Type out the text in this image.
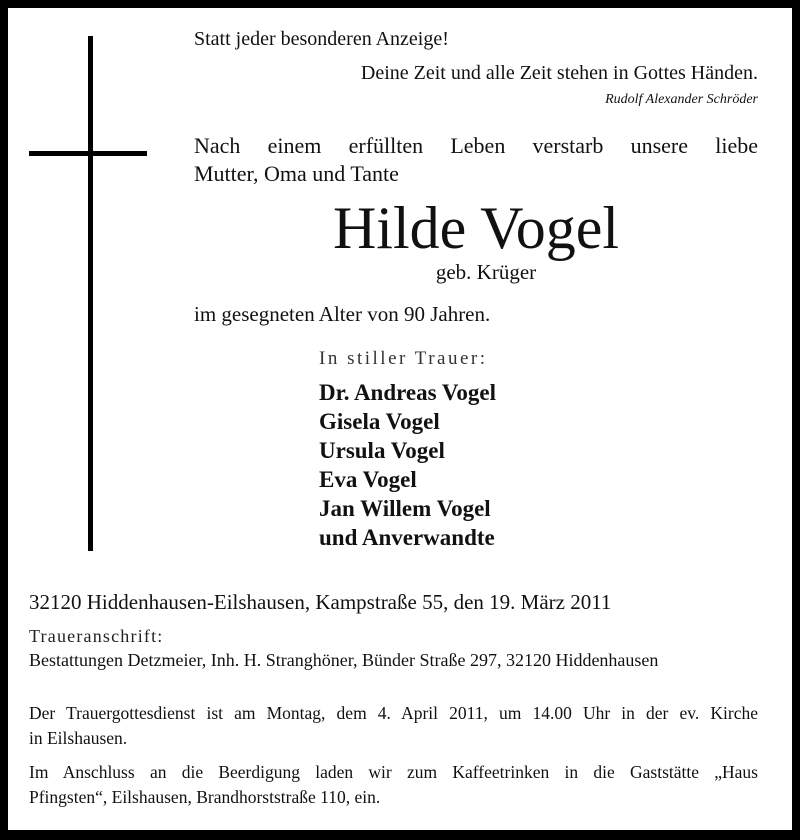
Statt jeder besonderen Anzeige!
Deine Zeit und alle Zeit stehen in Gottes Händen.
Rudolf Alexander Schröder
Nach einem erfüllten Leben verstarb unsere liebe
Mutter, Oma und Tante
Hilde Vogel
geb. Krüger
im gesegneten Alter von 90 Jahren.
In stiller Trauer:
Dr. Andreas Vogel
Gisela Vogel
Ursula Vogel
Eva Vogel
Jan Willem Vogel
und Anverwandte
32120 Hiddenhausen-Eilshausen, Kampstraße 55, den 19. März 2011
Traueranschrift:
Bestattungen Detzmeier, Inh. H. Stranghöner, Bünder Straße 297, 32120 Hiddenhausen
Der Trauergottesdienst ist am Montag, dem 4. April 2011, um 14.00 Uhr in der ev. Kirche
in Eilshausen.
Im Anschluss an die Beerdigung laden wir zum Kaffeetrinken in die Gaststätte „Haus
Pfingsten“, Eilshausen, Brandhorststraße 110, ein.
